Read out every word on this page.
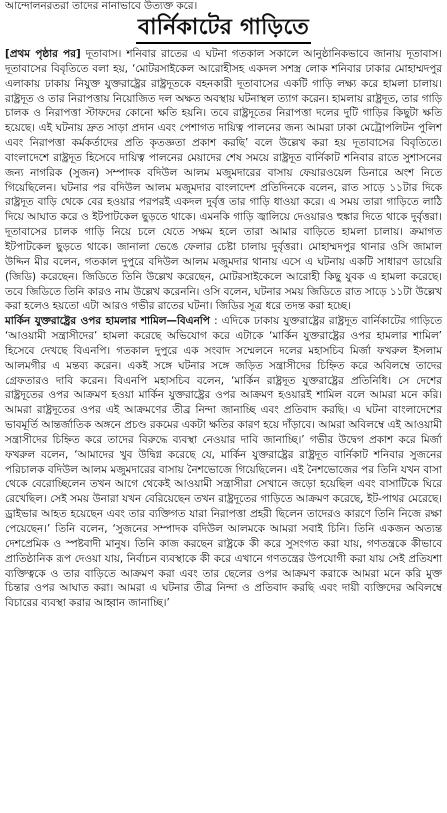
আন্দোলনরতরা তাদের নানাভাবে উত্যক্ত করে।
বার্নিকাটের গাড়িতে

[প্রথম পৃষ্ঠার পর] দূতাবাস। শনিবার রাতের এ ঘটনা গতকাল সকালে আনুষ্ঠানিকভাবে জানায় দূতাবাস। দূতাবাসের বিবৃতিতে বলা হয়, ‘মোটরসাইকেল আরোহীসহ একদল সশস্ত্র লোক শনিবার ঢাকার মোহাম্মদপুর এলাকায় ঢাকায় নিযুক্ত যুক্তরাষ্ট্রের রাষ্ট্রদূতকে বহনকারী দূতাবাসের একটি গাড়ি লক্ষ্য করে হামলা চালায়। রাষ্ট্রদূত ও তার নিরাপত্তায় নিয়োজিত দল অক্ষত অবস্থায় ঘটনাস্থল ত্যাগ করেন। হামলায় রাষ্ট্রদূত, তার গাড়ি চালক ও নিরাপত্তা স্টাফদের কোনো ক্ষতি হয়নি। তবে রাষ্ট্রদূতের নিরাপত্তা দলের দুটি গাড়ির কিছুটা ক্ষতি হয়েছে। এই ঘটনায় দ্রুত সাড়া প্রদান এবং পেশাগত দায়িত্ব পালনের জন্য আমরা ঢাকা মেট্রোপলিটন পুলিশ এবং নিরাপত্তা কর্মকর্তাদের প্রতি কৃতজ্ঞতা প্রকাশ করছি’ বলে উল্লেখ করা হয় দূতাবাসের বিবৃতিতে। বাংলাদেশে রাষ্ট্রদূত হিসেবে দায়িত্ব পালনের মেয়াদের শেষ সময়ে রাষ্ট্রদূত বার্নিকাট শনিবার রাতে সুশাসনের জন্য নাগরিক (সুজন) সম্পাদক বদিউল আলম মজুমদারের বাসায় ফেয়ারওয়েল ডিনারে অংশ নিতে গিয়েছিলেন। ঘটনার পর বদিউল আলম মজুমদার বাংলাদেশ প্রতিদিনকে বলেন, রাত সাড়ে ১১টার দিকে রাষ্ট্রদূত বাড়ি থেকে বের হওয়ার পরপরই একদল দুর্বৃত্ত তার গাড়ি ধাওয়া করে। এ সময় তারা গাড়িতে লাঠি দিয়ে আঘাত করে ও ইটপাটকেল ছুড়তে থাকে। এমনকি গাড়ি জ্বালিয়ে দেওয়ারও হুঙ্কার দিতে থাকে দুর্বৃত্তরা। দূতাবাসের চালক গাড়ি নিয়ে চলে যেতে সক্ষম হলে তারা আমার বাড়িতে হামলা চালায়। ক্রমাগত ইটপাটকেল ছুড়তে থাকে। জানালা ভেঙে ফেলার চেষ্টা চালায় দুর্বৃত্তরা। মোহাম্মদপুর থানার ওসি জামাল উদ্দিন মীর বলেন, গতকাল দুপুরে বদিউল আলম মজুমদার থানায় এসে এ ঘটনায় একটি সাধারণ ডায়েরি (জিডি) করেছেন। জিডিতে তিনি উল্লেখ করেছেন, মোটরসাইকেলে আরোহী কিছু যুবক এ হামলা করেছে। তবে জিডিতে তিনি কারও নাম উল্লেখ করেননি। ওসি বলেন, ঘটনার সময় জিডিতে রাত সাড়ে ১১টা উল্লেখ করা হলেও হয়তো এটা আরও গভীর রাতের ঘটনা। জিডির সূত্র ধরে তদন্ত করা হচ্ছে।

মার্কিন যুক্তরাষ্ট্রের ওপর হামলার শামিল—বিএনপি : এদিকে ঢাকায় যুক্তরাষ্ট্রের রাষ্ট্রদূত বার্নিকাটের গাড়িতে ‘আওয়ামী সন্ত্রাসীদের’ হামলা করেছে অভিযোগ করে এটাকে ‘মার্কিন যুক্তরাষ্ট্রের ওপর হামলার শামিল’ হিসেবে দেখছে বিএনপি। গতকাল দুপুরে এক সংবাদ সম্মেলনে দলের মহাসচিব মির্জা ফখরুল ইসলাম আলমগীর এ মন্তব্য করেন। একই সঙ্গে ঘটনার সঙ্গে জড়িত সন্ত্রাসীদের চিহ্নিত করে অবিলম্বে তাদের গ্রেফতারও দাবি করেন। বিএনপি মহাসচিব বলেন, ‘মার্কিন রাষ্ট্রদূত যুক্তরাষ্ট্রের প্রতিনিধি। সে দেশের রাষ্ট্রদূতের ওপর আক্রমণ হওয়া মার্কিন যুক্তরাষ্ট্রের ওপর আক্রমণ হওয়ারই শামিল বলে আমরা মনে করি। আমরা রাষ্ট্রদূতের ওপর এই আক্রমণের তীব্র নিন্দা জানাচ্ছি এবং প্রতিবাদ করছি। এ ঘটনা বাংলাদেশের ভাবমূর্তি আন্তর্জাতিক অঙ্গনে প্রচণ্ড রকমের একটা ক্ষতির কারণ হয়ে দাঁড়াবে। আমরা অবিলম্বে এই আওয়ামী সন্ত্রাসীদের চিহ্নিত করে তাদের বিরুদ্ধে ব্যবস্থা নেওয়ার দাবি জানাচ্ছি।’ গভীর উদ্বেগ প্রকাশ করে মির্জা ফখরুল বলেন, ‘আমাদের খুব উদ্বিগ্ন করেছে যে, মার্কিন যুক্তরাষ্ট্রের রাষ্ট্রদূত বার্নিকাট শনিবার সুজনের পরিচালক বদিউল আলম মজুমদারের বাসায় নৈশভোজে গিয়েছিলেন। এই নৈশভোজের পর তিনি যখন বাসা থেকে বেরোচ্ছিলেন তখন আগে থেকেই আওয়ামী সন্ত্রাসীরা সেখানে জড়ো হয়েছিল এবং বাসাটিকে ঘিরে রেখেছিল। সেই সময় উনারা যখন বেরিয়েছেন তখন রাষ্ট্রদূতের গাড়িতে আক্রমণ করেছে, ইট-পাথর মেরেছে। ড্রাইভার আহত হয়েছেন এবং তার ব্যক্তিগত যারা নিরাপত্তা প্রহরী ছিলেন তাদেরও কারণে তিনি নিজে রক্ষা পেয়েছেন।’ তিনি বলেন, ‘সুজনের সম্পাদক বদিউল আলমকে আমরা সবাই চিনি। তিনি একজন অত্যন্ত দেশপ্রেমিক ও স্পষ্টবাদী মানুষ। তিনি কাজ করছেন রাষ্ট্রকে কী করে সুসংগত করা যায়, গণতন্ত্রকে কীভাবে প্রাতিষ্ঠানিক রূপ দেওয়া যায়, নির্বাচন ব্যবস্থাকে কী করে এখানে গণতন্ত্রের উপযোগী করা যায় সেই প্রতিযশা ব্যক্তিত্বকে ও তার বাড়িতে আক্রমণ করা এবং তার ছেলের ওপর আক্রমণ করাকে আমরা মনে করি মুক্ত চিন্তার ওপর আঘাত করা। আমরা এ ঘটনার তীব্র নিন্দা ও প্রতিবাদ করছি এবং দায়ী ব্যক্তিদের অবিলম্বে বিচারের ব্যবস্থা করার আহ্বান জানাচ্ছি।’
